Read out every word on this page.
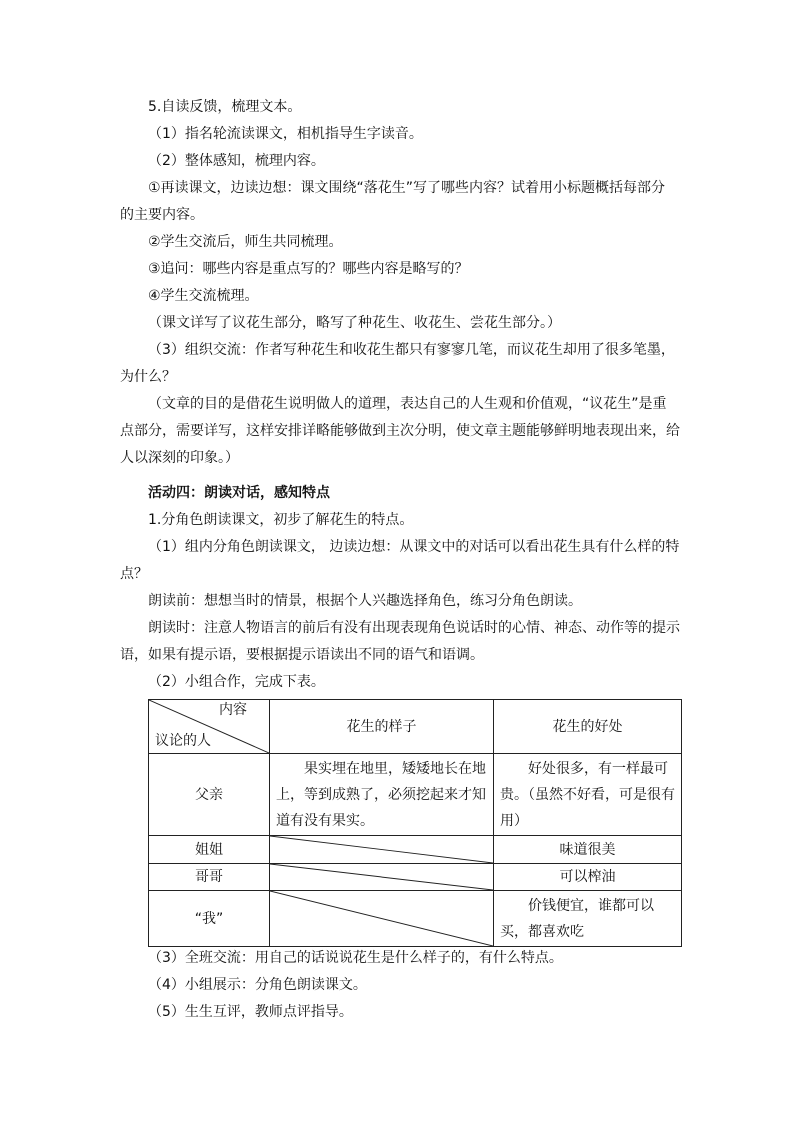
5.自读反馈，梳理文本。
（1）指名轮流读课文，相机指导生字读音。
（2）整体感知，梳理内容。
①再读课文，边读边想：课文围绕“落花生”写了哪些内容？试着用小标题概括每部分
的主要内容。
②学生交流后，师生共同梳理。
③追问：哪些内容是重点写的？哪些内容是略写的？
④学生交流梳理。
（课文详写了议花生部分，略写了种花生、收花生、尝花生部分。）
（3）组织交流：作者写种花生和收花生都只有寥寥几笔，而议花生却用了很多笔墨，
为什么？
（文章的目的是借花生说明做人的道理，表达自己的人生观和价值观，“议花生”是重
点部分，需要详写，这样安排详略能够做到主次分明，使文章主题能够鲜明地表现出来，给
人以深刻的印象。）
活动四：朗读对话，感知特点
1.分角色朗读课文，初步了解花生的特点。
（1）组内分角色朗读课文， 边读边想：从课文中的对话可以看出花生具有什么样的特
点？
朗读前：想想当时的情景，根据个人兴趣选择角色，练习分角色朗读。
朗读时：注意人物语言的前后有没有出现表现角色说话时的心情、神态、动作等的提示
语，如果有提示语，要根据提示语读出不同的语气和语调。
（2）小组合作，完成下表。
内容
议论的人	花生的样子	花生的好处
父亲	果实埋在地里，矮矮地长在地上，等到成熟了，必须挖起来才知道有没有果实。	好处很多，有一样最可贵。（虽然不好看，可是很有用）

姐姐		味道很美
哥哥		可以榨油
“我”		价钱便宜，谁都可以买，都喜欢吃
（3）全班交流：用自己的话说说花生是什么样子的，有什么特点。
（4）小组展示：分角色朗读课文。
（5）生生互评，教师点评指导。
